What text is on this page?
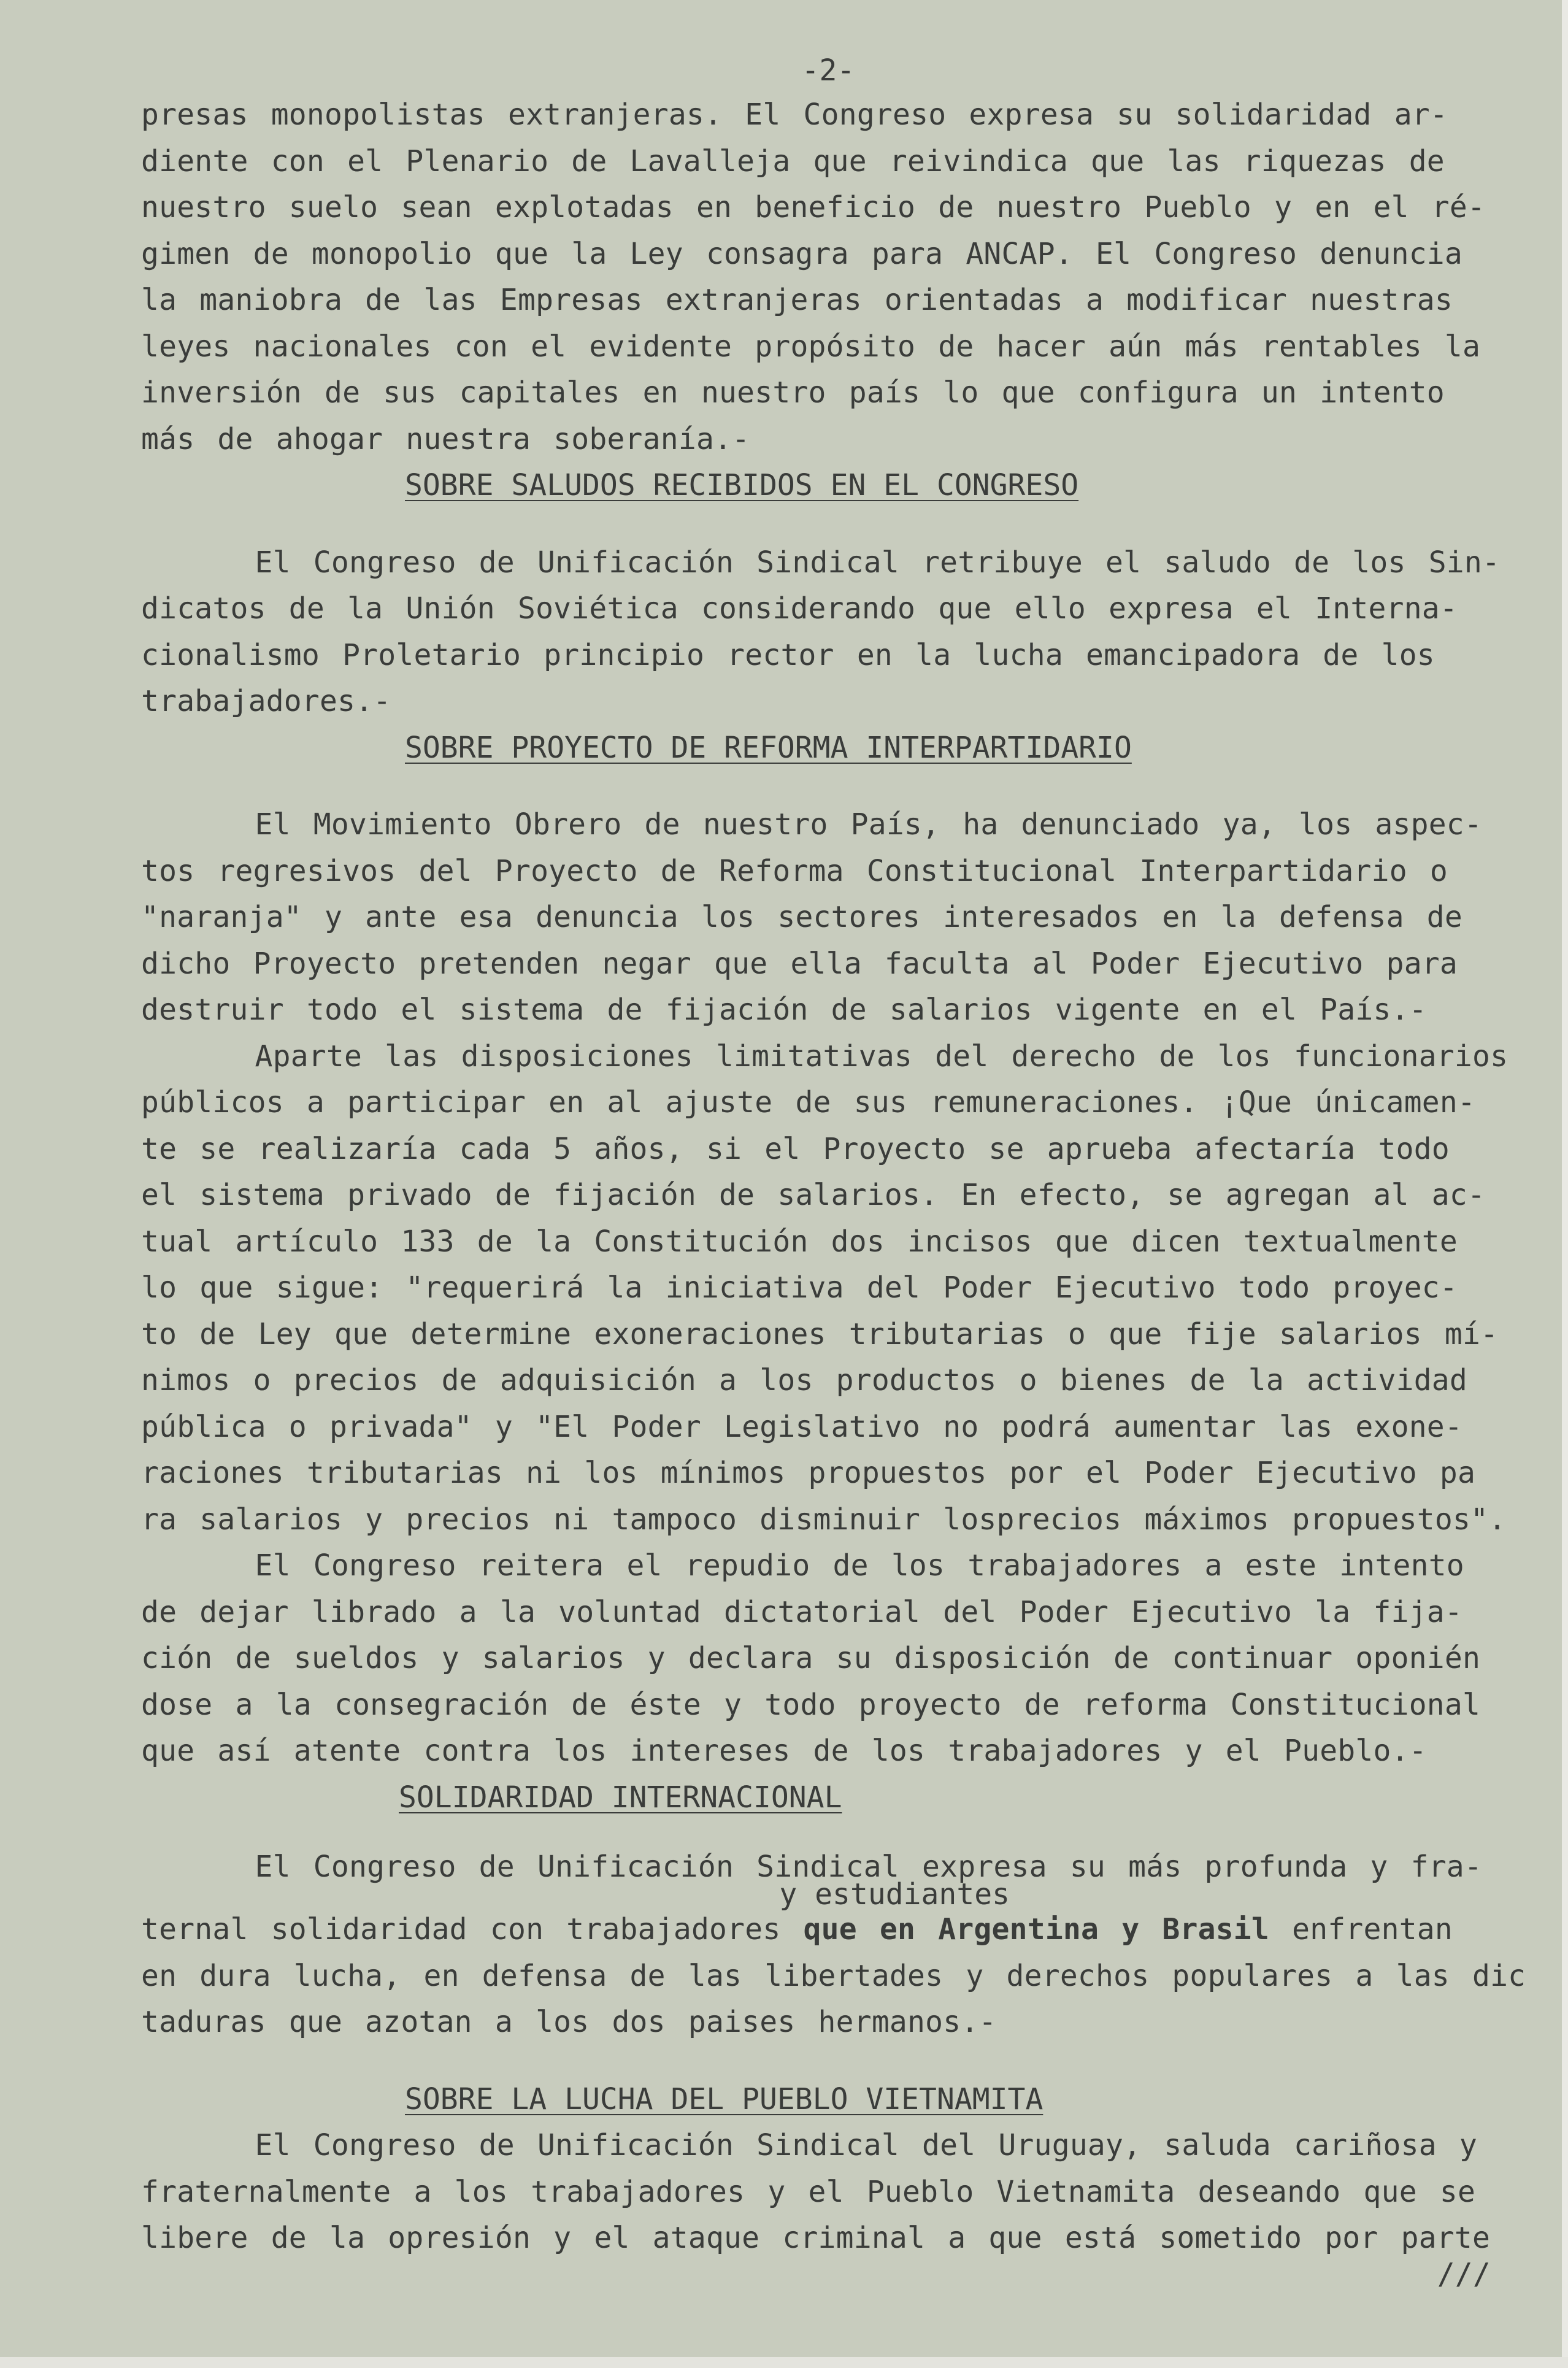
-2-
presas monopolistas extranjeras. El Congreso expresa su solidaridad ar-
diente con el Plenario de Lavalleja que reivindica que las riquezas de
nuestro suelo sean explotadas en beneficio de nuestro Pueblo y en el ré-
gimen de monopolio que la Ley consagra para ANCAP. El Congreso denuncia
la maniobra de las Empresas extranjeras orientadas a modificar nuestras
leyes nacionales con el evidente propósito de hacer aún más rentables la
inversión de sus capitales en nuestro país lo que configura un intento
más de ahogar nuestra soberanía.-
SOBRE SALUDOS RECIBIDOS EN EL CONGRESO
El Congreso de Unificación Sindical retribuye el saludo de los Sin-
dicatos de la Unión Soviética considerando que ello expresa el Interna-
cionalismo Proletario principio rector en la lucha emancipadora de los
trabajadores.-
SOBRE PROYECTO DE REFORMA INTERPARTIDARIO
El Movimiento Obrero de nuestro País, ha denunciado ya, los aspec-
tos regresivos del Proyecto de Reforma Constitucional Interpartidario o
"naranja" y ante esa denuncia los sectores interesados en la defensa de
dicho Proyecto pretenden negar que ella faculta al Poder Ejecutivo para
destruir todo el sistema de fijación de salarios vigente en el País.-
Aparte las disposiciones limitativas del derecho de los funcionarios
públicos a participar en al ajuste de sus remuneraciones. ¡Que únicamen-
te se realizaría cada 5 años, si el Proyecto se aprueba afectaría todo
el sistema privado de fijación de salarios. En efecto, se agregan al ac-
tual artículo 133 de la Constitución dos incisos que dicen textualmente
lo que sigue: "requerirá la iniciativa del Poder Ejecutivo todo proyec-
to de Ley que determine exoneraciones tributarias o que fije salarios mí-
nimos o precios de adquisición a los productos o bienes de la actividad
pública o privada" y "El Poder Legislativo no podrá aumentar las exone-
raciones tributarias ni los mínimos propuestos por el Poder Ejecutivo pa
ra salarios y precios ni tampoco disminuir losprecios máximos propuestos".
El Congreso reitera el repudio de los trabajadores a este intento
de dejar librado a la voluntad dictatorial del Poder Ejecutivo la fija-
ción de sueldos y salarios y declara su disposición de continuar oponién
dose a la consegración de éste y todo proyecto de reforma Constitucional
que así atente contra los intereses de los trabajadores y el Pueblo.-
SOLIDARIDAD INTERNACIONAL
El Congreso de Unificación Sindical expresa su más profunda y fra-
y estudiantes
ternal solidaridad con trabajadores que en Argentina y Brasil enfrentan
en dura lucha, en defensa de las libertades y derechos populares a las dic
taduras que azotan a los dos paises hermanos.-
SOBRE LA LUCHA DEL PUEBLO VIETNAMITA
El Congreso de Unificación Sindical del Uruguay, saluda cariñosa y
fraternalmente a los trabajadores y el Pueblo Vietnamita deseando que se
libere de la opresión y el ataque criminal a que está sometido por parte
///
